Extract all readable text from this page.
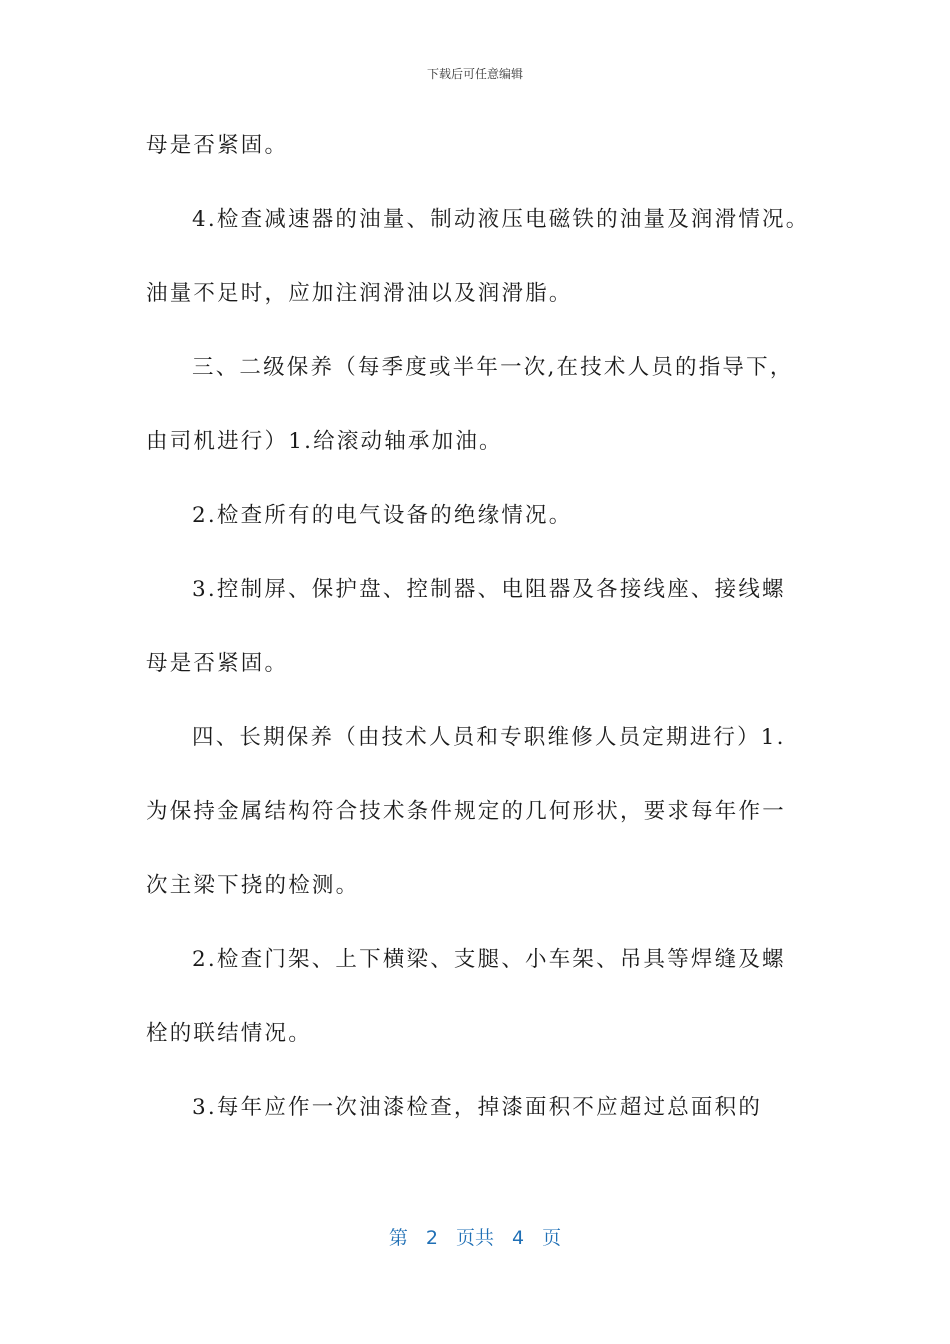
下载后可任意编辑
母是否紧固。
4.检查减速器的油量、制动液压电磁铁的油量及润滑情况。
油量不足时，应加注润滑油以及润滑脂。
三、二级保养（每季度或半年一次,在技术人员的指导下，
由司机进行）1.给滚动轴承加油。
2.检查所有的电气设备的绝缘情况。
3.控制屏、保护盘、控制器、电阻器及各接线座、接线螺
母是否紧固。
四、长期保养（由技术人员和专职维修人员定期进行）1.
为保持金属结构符合技术条件规定的几何形状，要求每年作一
次主梁下挠的检测。
2.检查门架、上下横梁、支腿、小车架、吊具等焊缝及螺
栓的联结情况。
3.每年应作一次油漆检查，掉漆面积不应超过总面积的
第 2 页共 4 页
